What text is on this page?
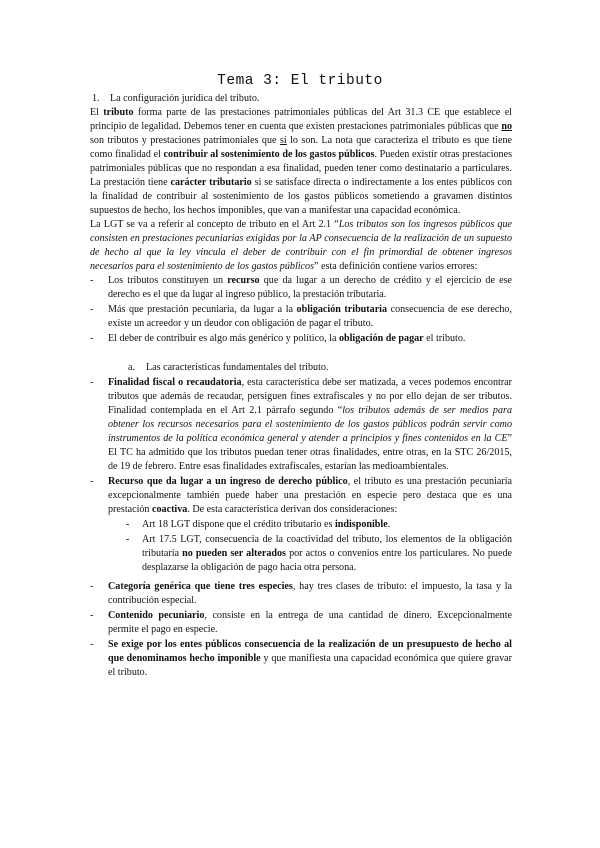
Tema 3: El tributo

1. La configuración jurídica del tributo.

El tributo forma parte de las prestaciones patrimoniales públicas del Art 31.3 CE que establece el principio de legalidad. Debemos tener en cuenta que existen prestaciones patrimoniales públicas que no son tributos y prestaciones patrimoniales que sí lo son. La nota que caracteriza el tributo es que tiene como finalidad el contribuir al sostenimiento de los gastos públicos. Pueden existir otras prestaciones patrimoniales públicas que no respondan a esa finalidad, pueden tener como destinatario a particulares. La prestación tiene carácter tributario si se satisface directa o indirectamente a los entes públicos con la finalidad de contribuir al sostenimiento de los gastos públicos sometiendo a gravamen distintos supuestos de hecho, los hechos imponibles, que van a manifestar una capacidad económica.

La LGT se va a referir al concepto de tributo en el Art 2.1 “Los tributos son los ingresos públicos que consisten en prestaciones pecuniarias exigidas por la AP consecuencia de la realización de un supuesto de hecho al que la ley vincula el deber de contribuir con el fin primordial de obtener ingresos necesarios para el sostenimiento de los gastos públicos” esta definición contiene varios errores:

- Los tributos constituyen un recurso que da lugar a un derecho de crédito y el ejercicio de ese derecho es el que da lugar al ingreso público, la prestación tributaria.
- Más que prestación pecuniaria, da lugar a la obligación tributaria consecuencia de ese derecho, existe un acreedor y un deudor con obligación de pagar el tributo.
- El deber de contribuir es algo más genérico y político, la obligación de pagar el tributo.

a. Las características fundamentales del tributo.

- Finalidad fiscal o recaudatoria, esta característica debe ser matizada, a veces podemos encontrar tributos que además de recaudar, persiguen fines extrafiscales y no por ello dejan de ser tributos. Finalidad contemplada en el Art 2.1 párrafo segundo “los tributos además de ser medios para obtener los recursos necesarios para el sostenimiento de los gastos públicos podrán servir como instrumentos de la política económica general y atender a principios y fines contenidos en la CE” El TC ha admitido que los tributos puedan tener otras finalidades, entre otras, en la STC 26/2015, de 19 de febrero. Entre esas finalidades extrafiscales, estarían las medioambientales.
- Recurso que da lugar a un ingreso de derecho público, el tributo es una prestación pecuniaria excepcionalmente también puede haber una prestación en especie pero destaca que es una prestación coactiva. De esta característica derivan dos consideraciones:
- Art 18 LGT dispone que el crédito tributario es indisponible.
- Art 17.5 LGT, consecuencia de la coactividad del tributo, los elementos de la obligación tributaria no pueden ser alterados por actos o convenios entre los particulares. No puede desplazarse la obligación de pago hacia otra persona.
- Categoría genérica que tiene tres especies, hay tres clases de tributo: el impuesto, la tasa y la contribución especial.
- Contenido pecuniario, consiste en la entrega de una cantidad de dinero. Excepcionalmente permite el pago en especie.
- Se exige por los entes públicos consecuencia de la realización de un presupuesto de hecho al que denominamos hecho imponible y que manifiesta una capacidad económica que quiere gravar el tributo.
